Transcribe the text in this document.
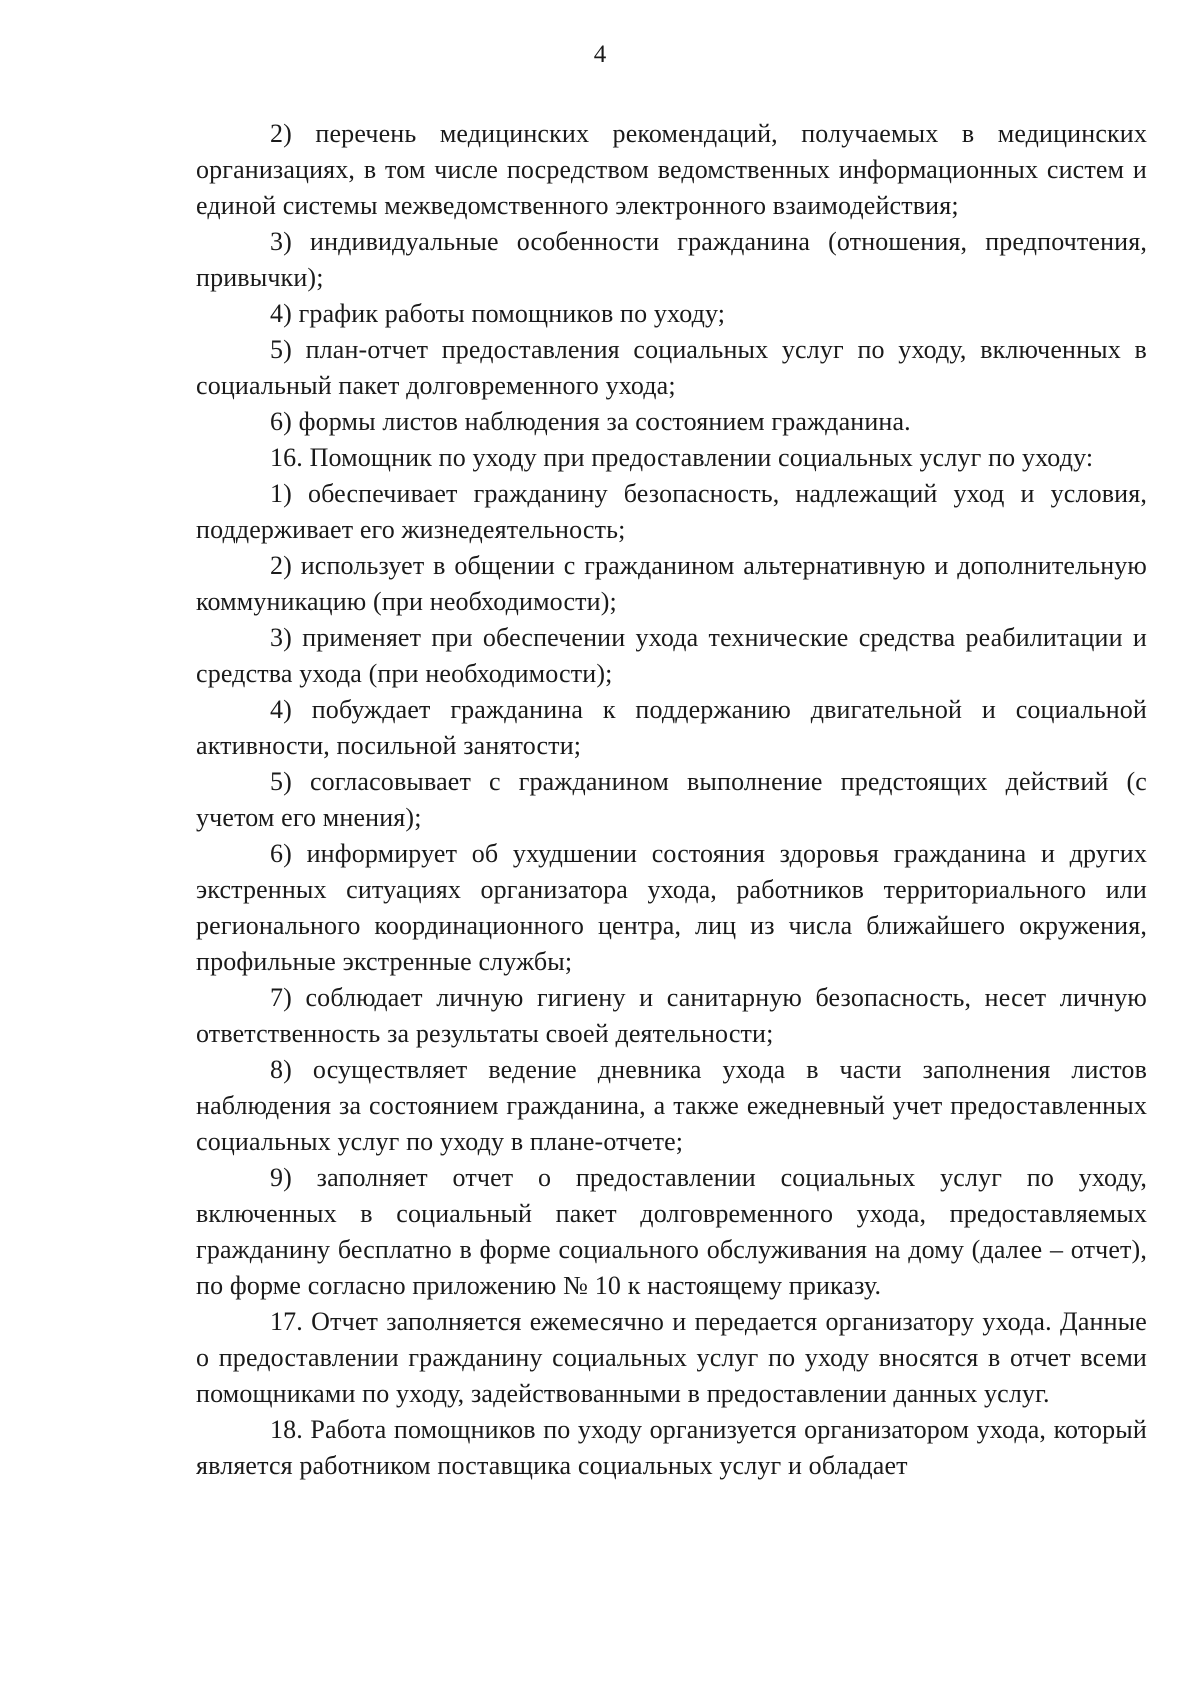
4

2) перечень медицинских рекомендаций, получаемых в медицинских организациях, в том числе посредством ведомственных информационных систем и единой системы межведомственного электронного взаимодействия;

3) индивидуальные особенности гражданина (отношения, предпочтения, привычки);

4) график работы помощников по уходу;

5) план-отчет предоставления социальных услуг по уходу, включенных в социальный пакет долговременного ухода;

6) формы листов наблюдения за состоянием гражданина.

16. Помощник по уходу при предоставлении социальных услуг по уходу:

1) обеспечивает гражданину безопасность, надлежащий уход и условия, поддерживает его жизнедеятельность;

2) использует в общении с гражданином альтернативную и дополнительную коммуникацию (при необходимости);

3) применяет при обеспечении ухода технические средства реабилитации и средства ухода (при необходимости);

4) побуждает гражданина к поддержанию двигательной и социальной активности, посильной занятости;

5) согласовывает с гражданином выполнение предстоящих действий (с учетом его мнения);

6) информирует об ухудшении состояния здоровья гражданина и других экстренных ситуациях организатора ухода, работников территориального или регионального координационного центра, лиц из числа ближайшего окружения, профильные экстренные службы;

7) соблюдает личную гигиену и санитарную безопасность, несет личную ответственность за результаты своей деятельности;

8) осуществляет ведение дневника ухода в части заполнения листов наблюдения за состоянием гражданина, а также ежедневный учет предоставленных социальных услуг по уходу в плане-отчете;

9) заполняет отчет о предоставлении социальных услуг по уходу, включенных в социальный пакет долговременного ухода, предоставляемых гражданину бесплатно в форме социального обслуживания на дому (далее – отчет), по форме согласно приложению № 10 к настоящему приказу.

17. Отчет заполняется ежемесячно и передается организатору ухода. Данные о предоставлении гражданину социальных услуг по уходу вносятся в отчет всеми помощниками по уходу, задействованными в предоставлении данных услуг.

18. Работа помощников по уходу организуется организатором ухода, который является работником поставщика социальных услуг и обладает
